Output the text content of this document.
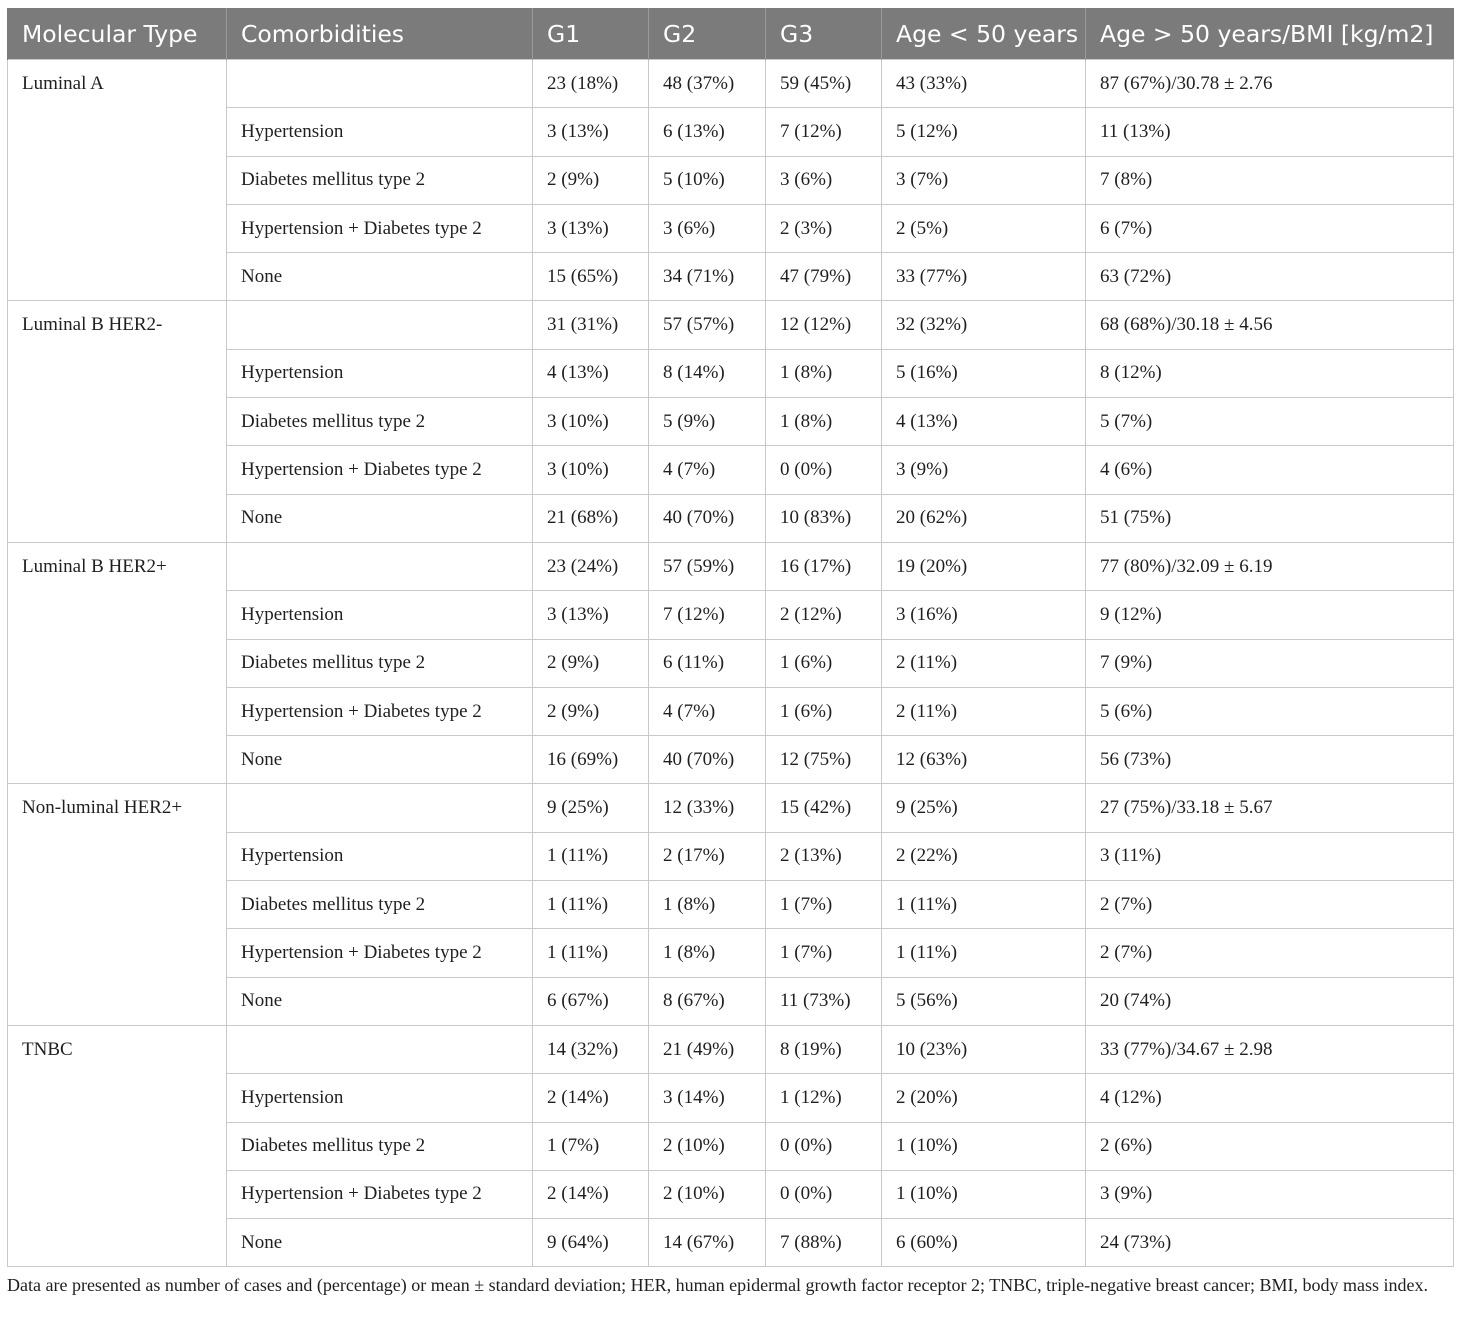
Molecular Type	Comorbidities	G1	G2	G3	Age < 50 years	Age > 50 years/BMI [kg/m2]
Luminal A		23 (18%)	48 (37%)	59 (45%)	43 (33%)	87 (67%)/30.78 ± 2.76
	Hypertension	3 (13%)	6 (13%)	7 (12%)	5 (12%)	11 (13%)
	Diabetes mellitus type 2	2 (9%)	5 (10%)	3 (6%)	3 (7%)	7 (8%)
	Hypertension + Diabetes type 2	3 (13%)	3 (6%)	2 (3%)	2 (5%)	6 (7%)
	None	15 (65%)	34 (71%)	47 (79%)	33 (77%)	63 (72%)
Luminal B HER2-		31 (31%)	57 (57%)	12 (12%)	32 (32%)	68 (68%)/30.18 ± 4.56
	Hypertension	4 (13%)	8 (14%)	1 (8%)	5 (16%)	8 (12%)
	Diabetes mellitus type 2	3 (10%)	5 (9%)	1 (8%)	4 (13%)	5 (7%)
	Hypertension + Diabetes type 2	3 (10%)	4 (7%)	0 (0%)	3 (9%)	4 (6%)
	None	21 (68%)	40 (70%)	10 (83%)	20 (62%)	51 (75%)
Luminal B HER2+		23 (24%)	57 (59%)	16 (17%)	19 (20%)	77 (80%)/32.09 ± 6.19
	Hypertension	3 (13%)	7 (12%)	2 (12%)	3 (16%)	9 (12%)
	Diabetes mellitus type 2	2 (9%)	6 (11%)	1 (6%)	2 (11%)	7 (9%)
	Hypertension + Diabetes type 2	2 (9%)	4 (7%)	1 (6%)	2 (11%)	5 (6%)
	None	16 (69%)	40 (70%)	12 (75%)	12 (63%)	56 (73%)
Non-luminal HER2+		9 (25%)	12 (33%)	15 (42%)	9 (25%)	27 (75%)/33.18 ± 5.67
	Hypertension	1 (11%)	2 (17%)	2 (13%)	2 (22%)	3 (11%)
	Diabetes mellitus type 2	1 (11%)	1 (8%)	1 (7%)	1 (11%)	2 (7%)
	Hypertension + Diabetes type 2	1 (11%)	1 (8%)	1 (7%)	1 (11%)	2 (7%)
	None	6 (67%)	8 (67%)	11 (73%)	5 (56%)	20 (74%)
TNBC		14 (32%)	21 (49%)	8 (19%)	10 (23%)	33 (77%)/34.67 ± 2.98
	Hypertension	2 (14%)	3 (14%)	1 (12%)	2 (20%)	4 (12%)
	Diabetes mellitus type 2	1 (7%)	2 (10%)	0 (0%)	1 (10%)	2 (6%)
	Hypertension + Diabetes type 2	2 (14%)	2 (10%)	0 (0%)	1 (10%)	3 (9%)
	None	9 (64%)	14 (67%)	7 (88%)	6 (60%)	24 (73%)
Data are presented as number of cases and (percentage) or mean ± standard deviation; HER, human epidermal growth factor receptor 2; TNBC, triple-negative breast cancer; BMI, body mass index.
